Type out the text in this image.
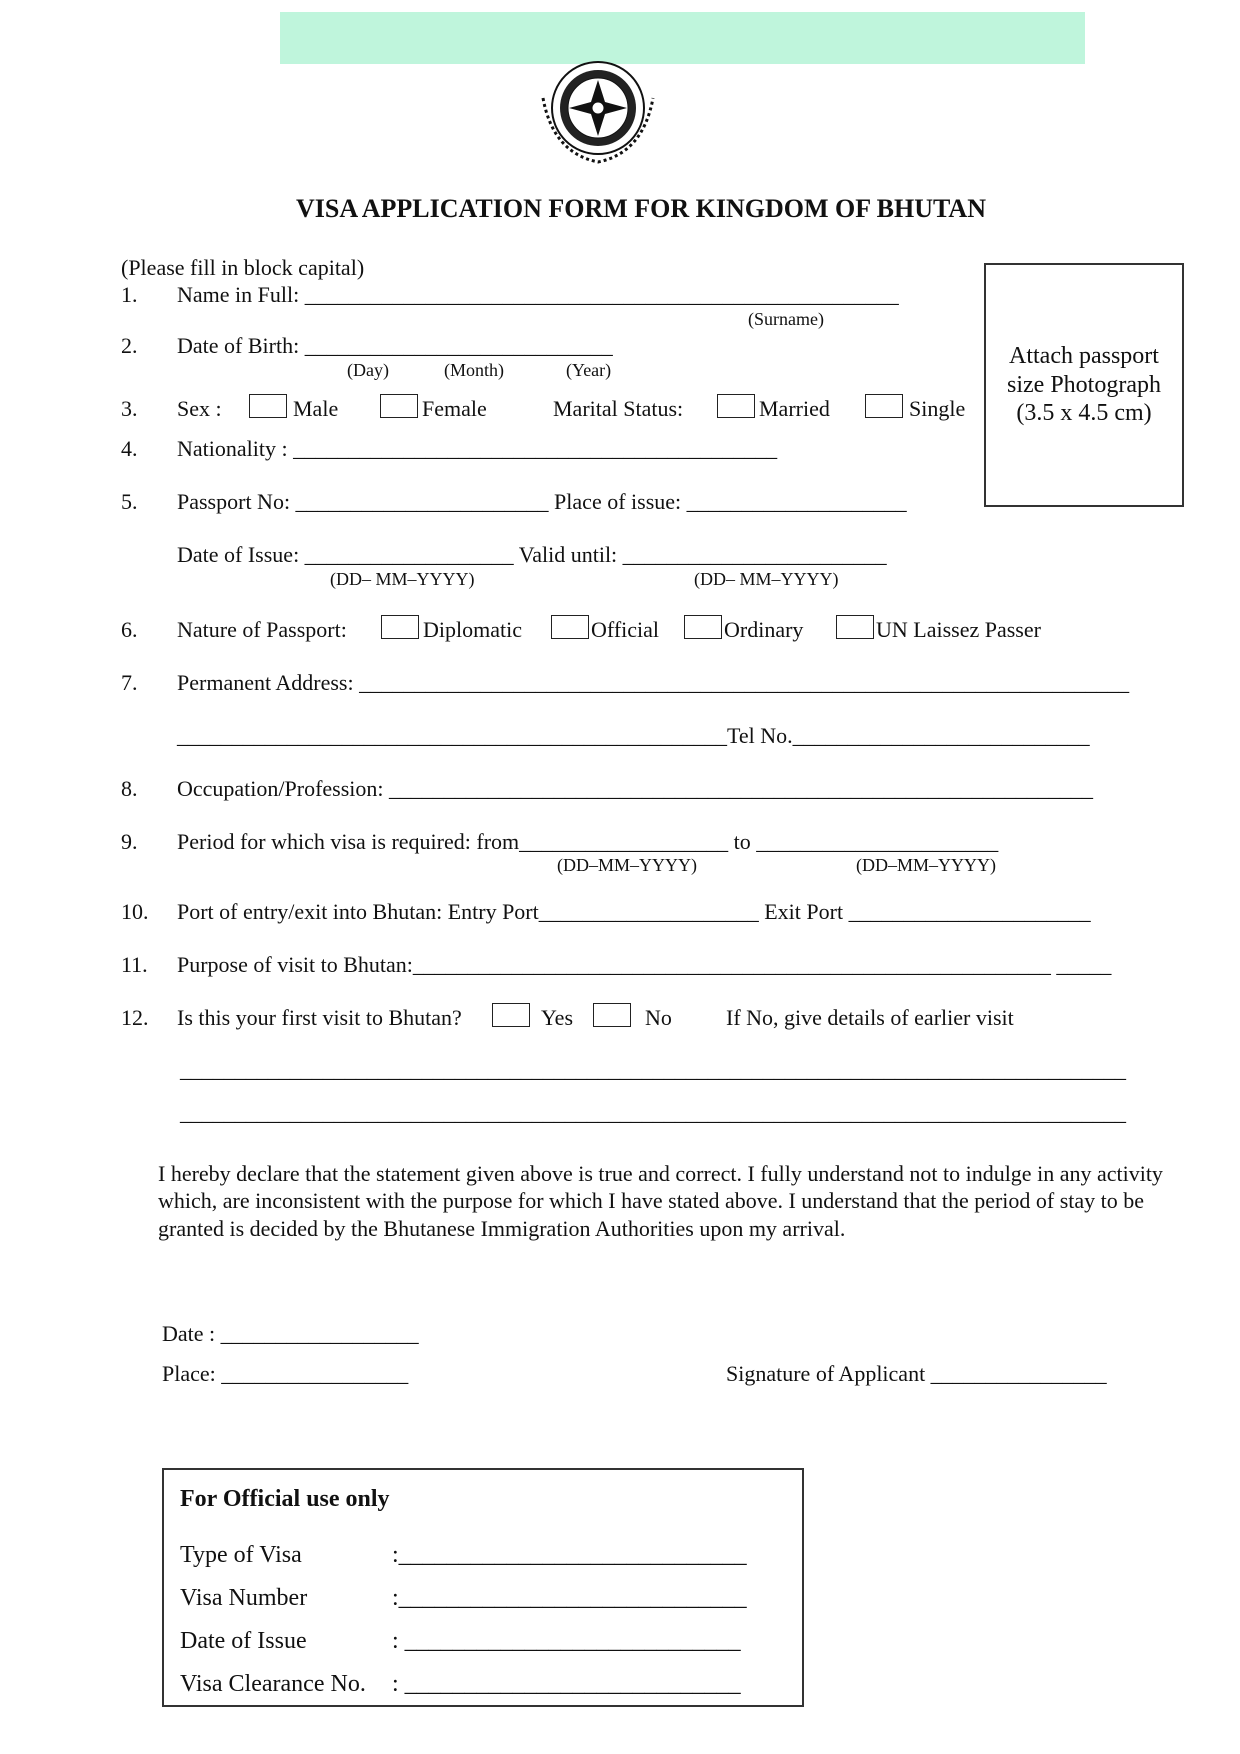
VISA APPLICATION FORM FOR KINGDOM OF BHUTAN
(Please fill in block capital)
Attach passport
size Photograph
(3.5 x 4.5 cm)
1. Name in Full: ______________________________________________________
(Surname)
2. Date of Birth: ____________________________
(Day)	(Month)	(Year)
3. Sex :	Male	Female	Marital Status:	Married	Single
4. Nationality : ____________________________________________
5. Passport No: _______________________ Place of issue: ____________________
Date of Issue: ___________________ Valid until: ________________________
(DD– MM–YYYY)	(DD– MM–YYYY)
6. Nature of Passport:	Diplomatic	Official	Ordinary	UN Laissez Passer
7. Permanent Address: ______________________________________________________________________
__________________________________________________Tel No.___________________________
8. Occupation/Profession: ________________________________________________________________
9. Period for which visa is required: from___________________ to ______________________
(DD–MM–YYYY)	(DD–MM–YYYY)
10. Port of entry/exit into Bhutan: Entry Port____________________ Exit Port ______________________
11. Purpose of visit to Bhutan:__________________________________________________________ _____
12. Is this your first visit to Bhutan?	Yes	No If No, give details of earlier visit
______________________________________________________________________________________
______________________________________________________________________________________
I hereby declare that the statement given above is true and correct. I fully understand not to indulge in any activity which, are inconsistent with the purpose for which I have stated above. I understand that the period of stay to be granted is decided by the Bhutanese Immigration Authorities upon my arrival.
Date : __________________
Place: _________________	Signature of Applicant ________________
For Official use only
Type of Visa	:_____________________________
Visa Number	:_____________________________
Date of Issue	: ____________________________
Visa Clearance No. : ____________________________
